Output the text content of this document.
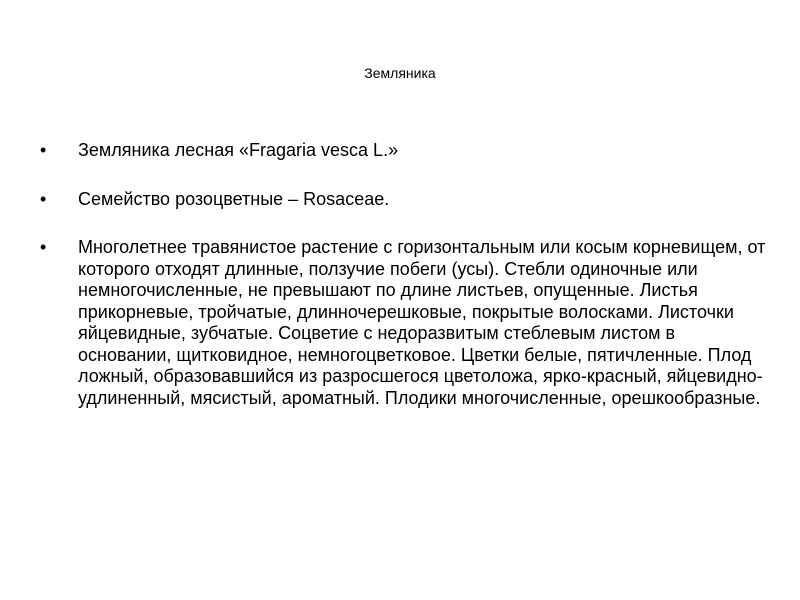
Земляника
• Земляника лесная «Fragaria vesca L.»
• Семейство розоцветные – Rosaceae.
• Многолетнее травянистое растение с горизонтальным или косым корневищем, от которого отходят длинные, ползучие побеги (усы). Стебли одиночные или немногочисленные, не превышают по длине листьев, опущенные. Листья прикорневые, тройчатые, длинночерешковые, покрытые волосками. Листочки яйцевидные, зубчатые. Соцветие с недоразвитым стеблевым листом в основании, щитковидное, немногоцветковое. Цветки белые, пятичленные. Плод ложный, образовавшийся из разросшегося цветоложа, ярко-красный, яйцевидно-удлиненный, мясистый, ароматный. Плодики многочисленные, орешкообразные.
